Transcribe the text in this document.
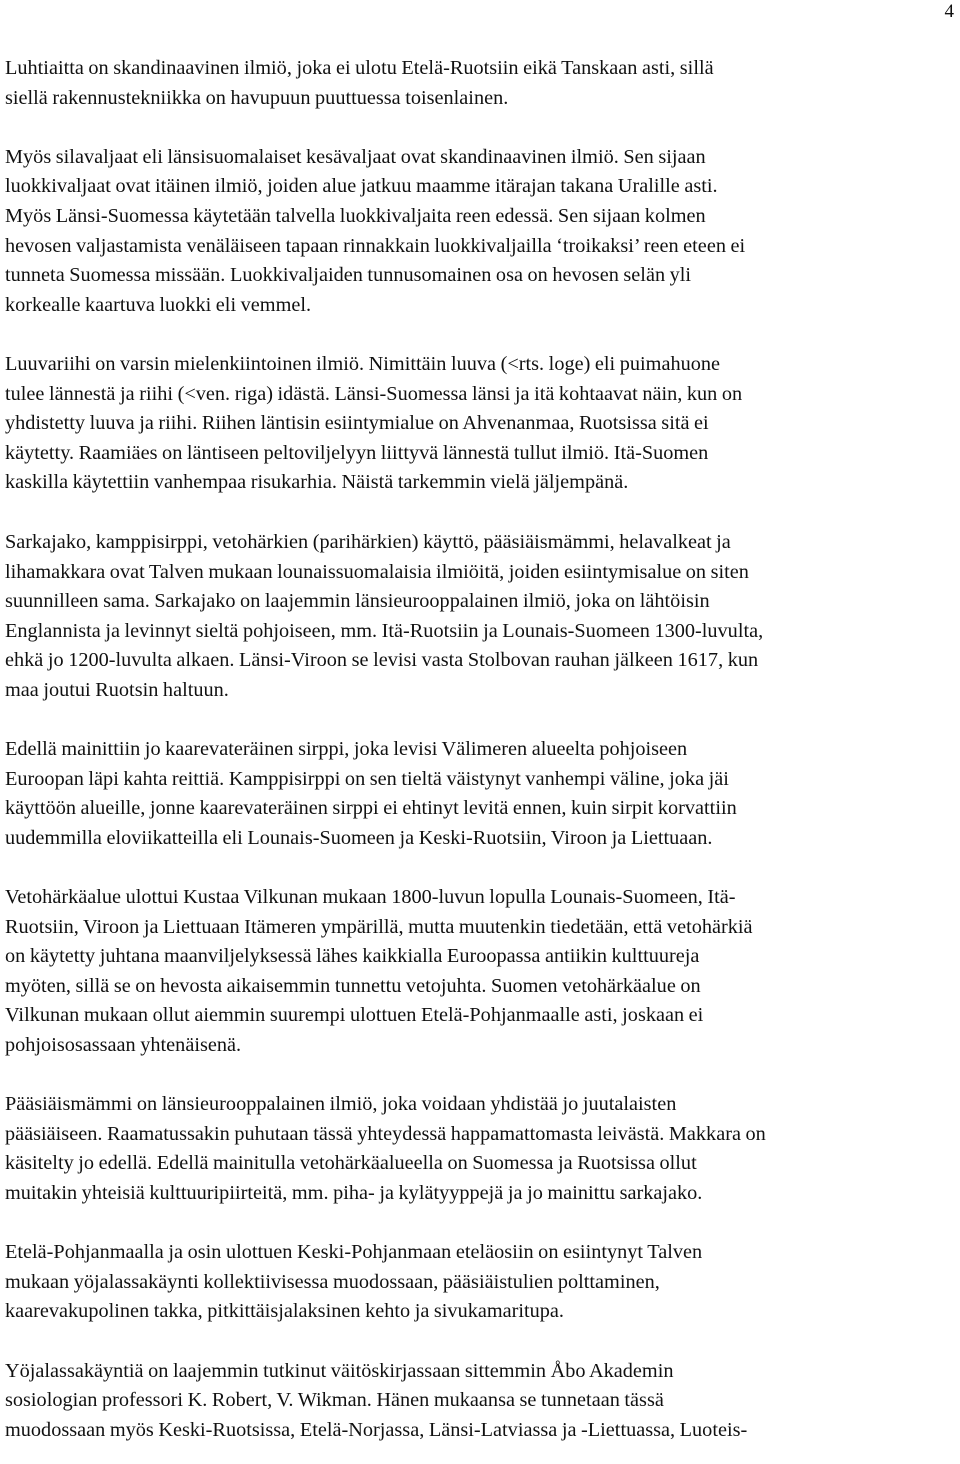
4

Luhtiaitta on skandinaavinen ilmiö, joka ei ulotu Etelä-Ruotsiin eikä Tanskaan asti, sillä
siellä rakennustekniikka on havupuun puuttuessa toisenlainen.

Myös silavaljaat eli länsisuomalaiset kesävaljaat ovat skandinaavinen ilmiö. Sen sijaan
luokkivaljaat ovat itäinen ilmiö, joiden alue jatkuu maamme itärajan takana Uralille asti.
Myös Länsi-Suomessa käytetään talvella luokkivaljaita reen edessä. Sen sijaan kolmen
hevosen valjastamista venäläiseen tapaan rinnakkain luokkivaljailla ‘troikaksi’ reen eteen ei
tunneta Suomessa missään. Luokkivaljaiden tunnusomainen osa on hevosen selän yli
korkealle kaartuva luokki eli vemmel.

Luuvariihi on varsin mielenkiintoinen ilmiö. Nimittäin luuva (<rts. loge) eli puimahuone
tulee lännestä ja riihi (<ven. riga) idästä. Länsi-Suomessa länsi ja itä kohtaavat näin, kun on
yhdistetty luuva ja riihi. Riihen läntisin esiintymialue on Ahvenanmaa, Ruotsissa sitä ei
käytetty. Raamiäes on läntiseen peltoviljelyyn liittyvä lännestä tullut ilmiö. Itä-Suomen
kaskilla käytettiin vanhempaa risukarhia. Näistä tarkemmin vielä jäljempänä.

Sarkajako, kamppisirppi, vetohärkien (parihärkien) käyttö, pääsiäismämmi, helavalkeat ja
lihamakkara ovat Talven mukaan lounaissuomalaisia ilmiöitä, joiden esiintymisalue on siten
suunnilleen sama. Sarkajako on laajemmin länsieurooppalainen ilmiö, joka on lähtöisin
Englannista ja levinnyt sieltä pohjoiseen, mm. Itä-Ruotsiin ja Lounais-Suomeen 1300-luvulta,
ehkä jo 1200-luvulta alkaen. Länsi-Viroon se levisi vasta Stolbovan rauhan jälkeen 1617, kun
maa joutui Ruotsin haltuun.

Edellä mainittiin jo kaarevateräinen sirppi, joka levisi Välimeren alueelta pohjoiseen
Euroopan läpi kahta reittiä. Kamppisirppi on sen tieltä väistynyt vanhempi väline, joka jäi
käyttöön alueille, jonne kaarevateräinen sirppi ei ehtinyt levitä ennen, kuin sirpit korvattiin
uudemmilla eloviikatteilla eli Lounais-Suomeen ja Keski-Ruotsiin, Viroon ja Liettuaan.

Vetohärkäalue ulottui Kustaa Vilkunan mukaan 1800-luvun lopulla Lounais-Suomeen, Itä-
Ruotsiin, Viroon ja Liettuaan Itämeren ympärillä, mutta muutenkin tiedetään, että vetohärkiä
on käytetty juhtana maanviljelyksessä lähes kaikkialla Euroopassa antiikin kulttuureja
myöten, sillä se on hevosta aikaisemmin tunnettu vetojuhta. Suomen vetohärkäalue on
Vilkunan mukaan ollut aiemmin suurempi ulottuen Etelä-Pohjanmaalle asti, joskaan ei
pohjoisosassaan yhtenäisenä.

Pääsiäismämmi on länsieurooppalainen ilmiö, joka voidaan yhdistää jo juutalaisten
pääsiäiseen. Raamatussakin puhutaan tässä yhteydessä happamattomasta leivästä. Makkara on
käsitelty jo edellä. Edellä mainitulla vetohärkäalueella on Suomessa ja Ruotsissa ollut
muitakin yhteisiä kulttuuripiirteitä, mm. piha- ja kylätyyppejä ja jo mainittu sarkajako.

Etelä-Pohjanmaalla ja osin ulottuen Keski-Pohjanmaan eteläosiin on esiintynyt Talven
mukaan yöjalassakäynti kollektiivisessa muodossaan, pääsiäistulien polttaminen,
kaarevakupolinen takka, pitkittäisjalaksinen kehto ja sivukamaritupa.

Yöjalassakäyntiä on laajemmin tutkinut väitöskirjassaan sittemmin Åbo Akademin
sosiologian professori K. Robert, V. Wikman. Hänen mukaansa se tunnetaan tässä
muodossaan myös Keski-Ruotsissa, Etelä-Norjassa, Länsi-Latviassa ja -Liettuassa, Luoteis-
